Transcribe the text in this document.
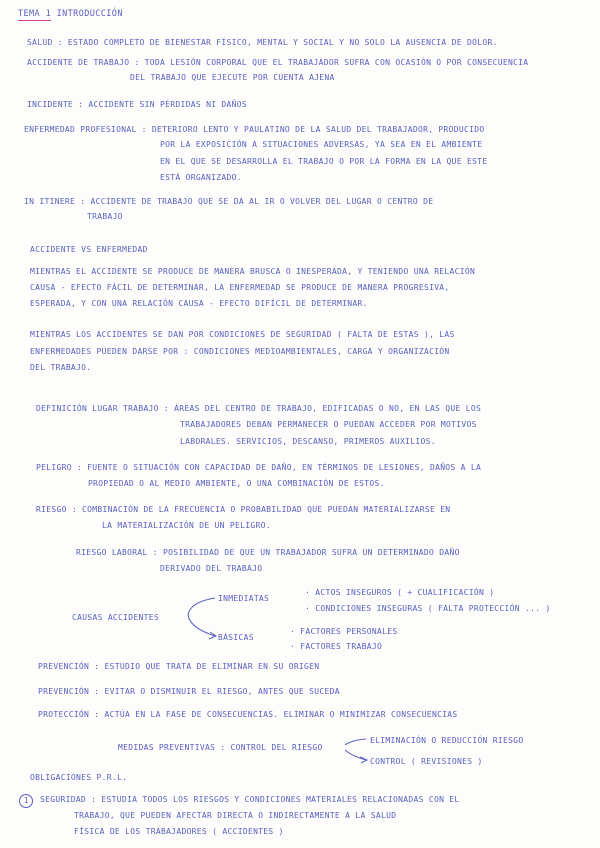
TEMA 1 INTRODUCCIÓN
SALUD : ESTADO COMPLETO DE BIENESTAR FÍSICO, MENTAL Y SOCIAL Y NO SOLO LA AUSENCIA DE DOLOR.
ACCIDENTE DE TRABAJO : TODA LESIÓN CORPORAL QUE EL TRABAJADOR SUFRA CON OCASIÓN O POR CONSECUENCIA
DEL TRABAJO QUE EJECUTE POR CUENTA AJENA
INCIDENTE : ACCIDENTE SIN PÉRDIDAS NI DAÑOS
ENFERMEDAD PROFESIONAL : DETERIORO LENTO Y PAULATINO DE LA SALUD DEL TRABAJADOR, PRODUCIDO
POR LA EXPOSICIÓN A SITUACIONES ADVERSAS, YA SEA EN EL AMBIENTE
EN EL QUE SE DESARROLLA EL TRABAJO O POR LA FORMA EN LA QUE ESTE
ESTÁ ORGANIZADO.
IN ITINERE : ACCIDENTE DE TRABAJO QUE SE DA AL IR O VOLVER DEL LUGAR O CENTRO DE
TRABAJO
ACCIDENTE VS ENFERMEDAD
MIENTRAS EL ACCIDENTE SE PRODUCE DE MANERA BRUSCA O INESPERADA, Y TENIENDO UNA RELACIÓN
CAUSA - EFECTO FÁCIL DE DETERMINAR, LA ENFERMEDAD SE PRODUCE DE MANERA PROGRESIVA,
ESPERADA, Y CON UNA RELACIÓN CAUSA - EFECTO DIFÍCIL DE DETERMINAR.
MIENTRAS LOS ACCIDENTES SE DAN POR CONDICIONES DE SEGURIDAD ( FALTA DE ESTAS ), LAS
ENFERMEDADES PUEDEN DARSE POR : CONDICIONES MEDIOAMBIENTALES, CARGA Y ORGANIZACIÓN
DEL TRABAJO.
DEFINICIÓN LUGAR TRABAJO : ÁREAS DEL CENTRO DE TRABAJO, EDIFICADAS O NO, EN LAS QUE LOS
TRABAJADORES DEBAN PERMANECER O PUEDAN ACCEDER POR MOTIVOS
LABORALES. SERVICIOS, DESCANSO, PRIMEROS AUXILIOS.
PELIGRO : FUENTE O SITUACIÓN CON CAPACIDAD DE DAÑO, EN TÉRMINOS DE LESIONES, DAÑOS A LA
PROPIEDAD O AL MEDIO AMBIENTE, O UNA COMBINACIÓN DE ESTOS.
RIESGO : COMBINACIÓN DE LA FRECUENCIA O PROBABILIDAD QUE PUEDAN MATERIALIZARSE EN
LA MATERIALIZACIÓN DE UN PELIGRO.
RIESGO LABORAL : POSIBILIDAD DE QUE UN TRABAJADOR SUFRA UN DETERMINADO DAÑO
DERIVADO DEL TRABAJO
INMEDIATAS
· ACTOS INSEGUROS ( + CUALIFICACIÓN )
CAUSAS ACCIDENTES
· CONDICIONES INSEGURAS ( FALTA PROTECCIÓN ... )
BÁSICAS
· FACTORES PERSONALES
· FACTORES TRABAJO
PREVENCIÓN : ESTUDIO QUE TRATA DE ELIMINAR EN SU ORIGEN
PREVENCIÓN : EVITAR O DISMINUIR EL RIESGO, ANTES QUE SUCEDA
PROTECCIÓN : ACTÚA EN LA FASE DE CONSECUENCIAS. ELIMINAR O MINIMIZAR CONSECUENCIAS
ELIMINACIÓN O REDUCCIÓN RIESGO
MEDIDAS PREVENTIVAS : CONTROL DEL RIESGO
CONTROL ( REVISIONES )
OBLIGACIONES P.R.L.
1	SEGURIDAD : ESTUDIA TODOS LOS RIESGOS Y CONDICIONES MATERIALES RELACIONADAS CON EL
TRABAJO, QUE PUEDEN AFECTAR DIRECTA O INDIRECTAMENTE A LA SALUD
FÍSICA DE LOS TRABAJADORES ( ACCIDENTES )
